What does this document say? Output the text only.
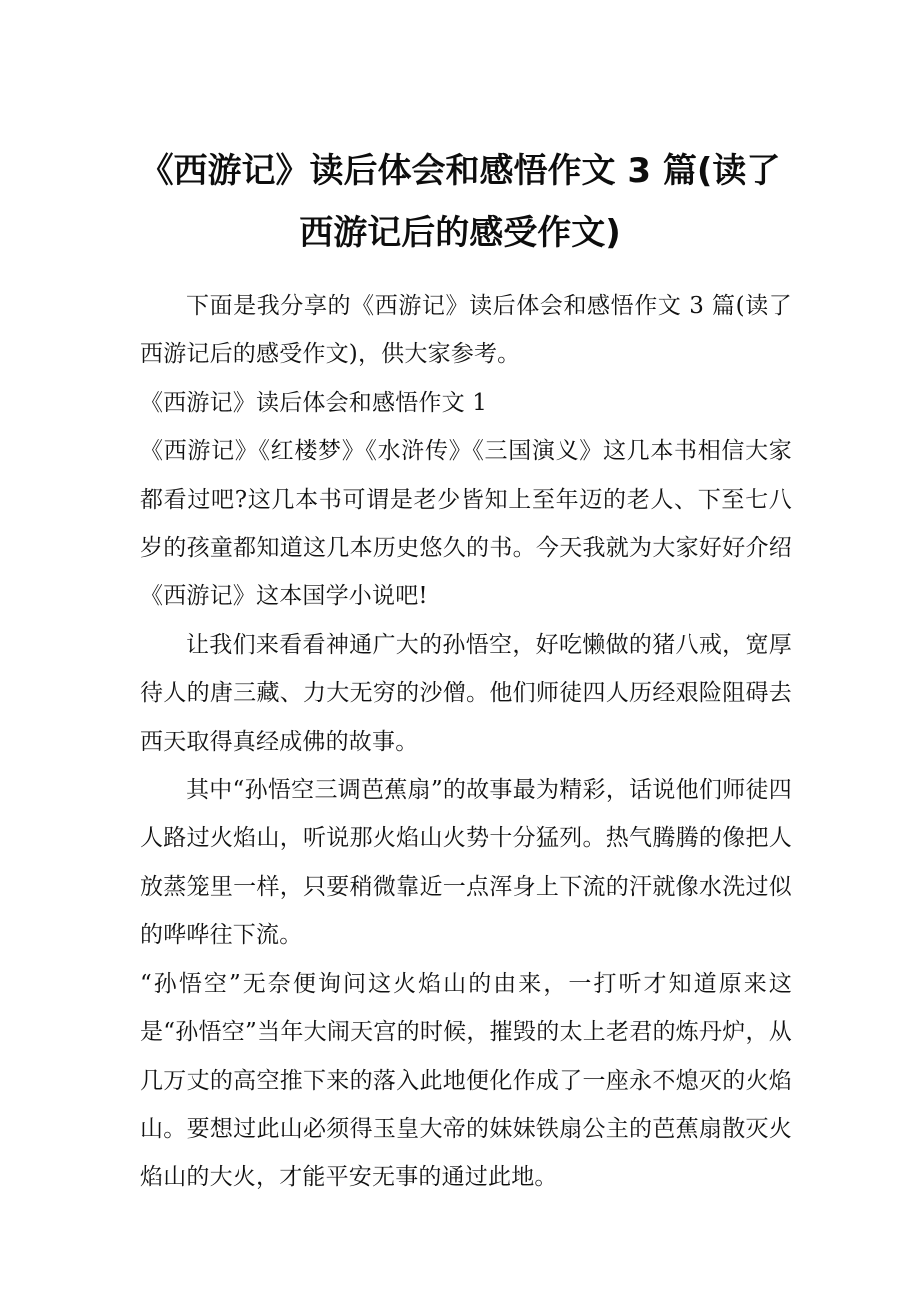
《西游记》读后体会和感悟作文 3 篇(读了
西游记后的感受作文)

下面是我分享的《西游记》读后体会和感悟作文 3 篇(读了西游记后的感受作文)，供大家参考。

《西游记》读后体会和感悟作文 1

《西游记》《红楼梦》《水浒传》《三国演义》这几本书相信大家都看过吧?这几本书可谓是老少皆知上至年迈的老人、下至七八岁的孩童都知道这几本历史悠久的书。今天我就为大家好好介绍《西游记》这本国学小说吧!

让我们来看看神通广大的孙悟空，好吃懒做的猪八戒，宽厚待人的唐三藏、力大无穷的沙僧。他们师徒四人历经艰险阻碍去西天取得真经成佛的故事。

其中“孙悟空三调芭蕉扇”的故事最为精彩，话说他们师徒四人路过火焰山，听说那火焰山火势十分猛列。热气腾腾的像把人放蒸笼里一样，只要稍微靠近一点浑身上下流的汗就像水洗过似的哗哗往下流。

“孙悟空”无奈便询问这火焰山的由来，一打听才知道原来这是“孙悟空”当年大闹天宫的时候，摧毁的太上老君的炼丹炉，从几万丈的高空推下来的落入此地便化作成了一座永不熄灭的火焰山。要想过此山必须得玉皇大帝的妹妹铁扇公主的芭蕉扇散灭火焰山的大火，才能平安无事的通过此地。
